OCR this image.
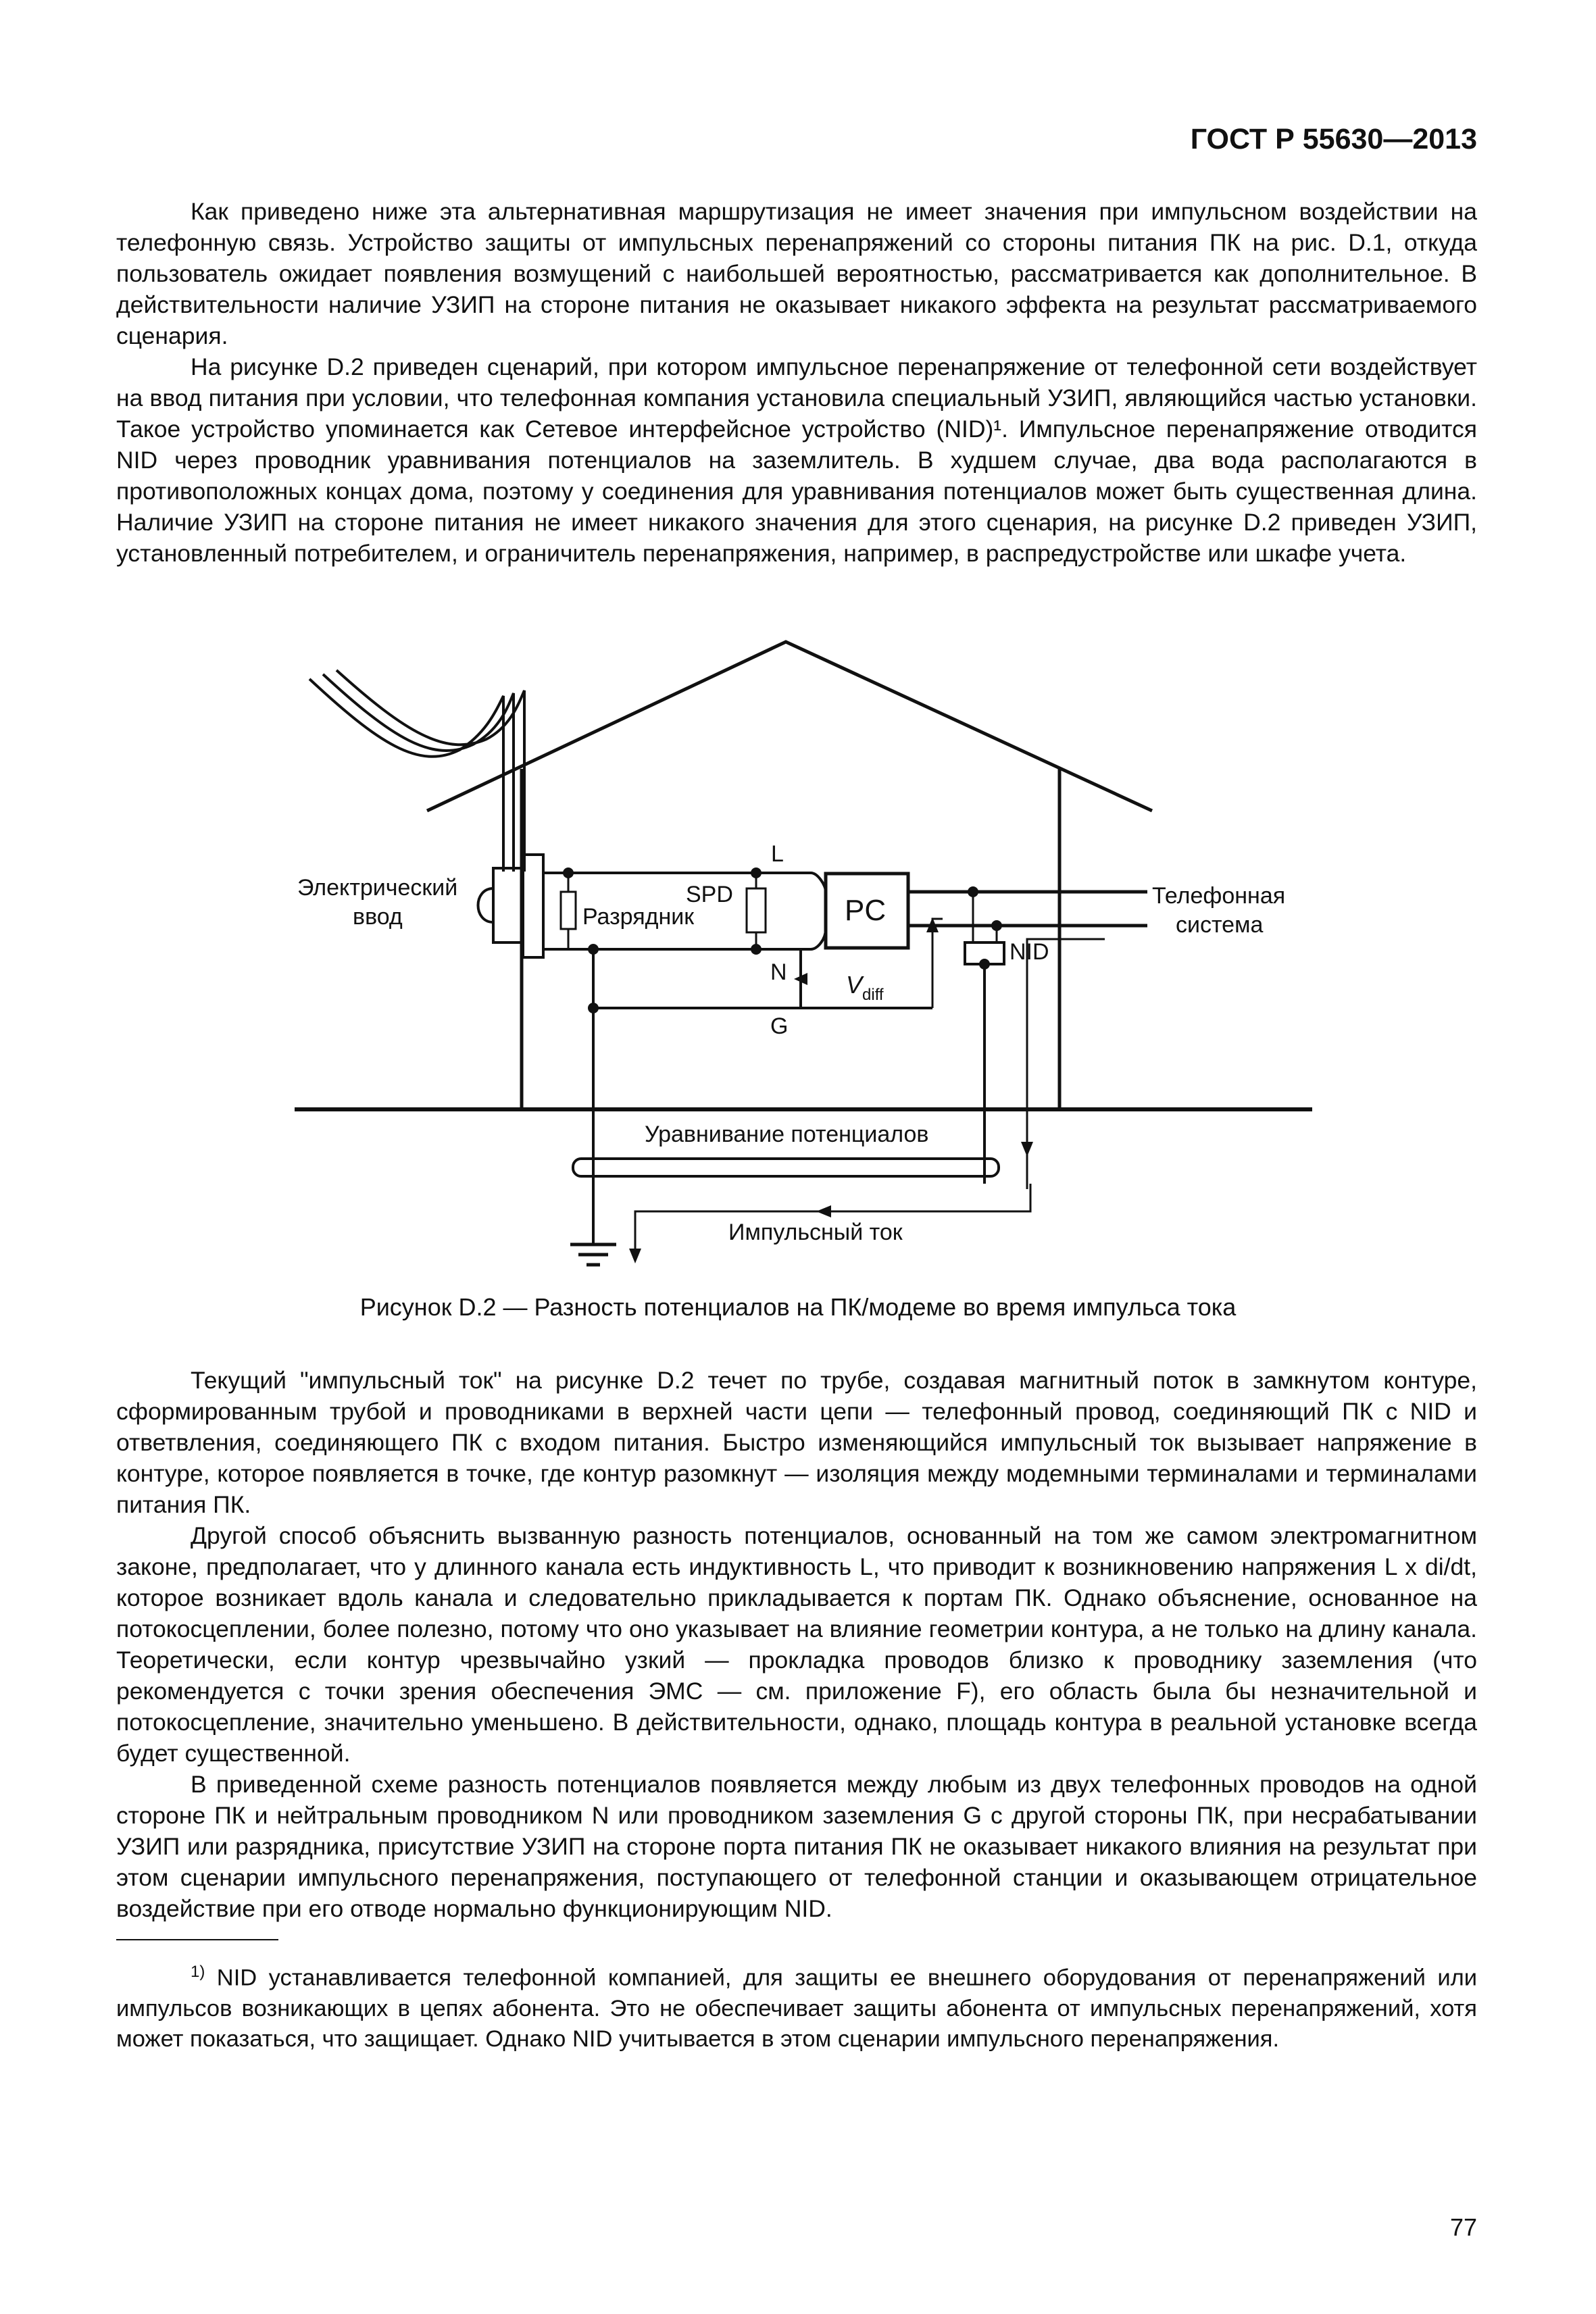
ГОСТ Р 55630—2013

Как приведено ниже эта альтернативная маршрутизация не имеет значения при импульсном воздействии на телефонную связь. Устройство защиты от импульсных перенапряжений со стороны питания ПК на рис. D.1, откуда пользователь ожидает появления возмущений с наибольшей вероятностью, рассматривается как дополнительное. В действительности наличие УЗИП на стороне питания не оказывает никакого эффекта на результат рассматриваемого сценария.

На рисунке D.2 приведен сценарий, при котором импульсное перенапряжение от телефонной сети воздействует на ввод питания при условии, что телефонная компания установила специальный УЗИП, являющийся частью установки. Такое устройство упоминается как Сетевое интерфейсное устройство (NID)¹. Импульсное перенапряжение отводится NID через проводник уравнивания потенциалов на заземлитель. В худшем случае, два вода располагаются в противоположных концах дома, поэтому у соединения для уравнивания потенциалов может быть существенная длина. Наличие УЗИП на стороне питания не имеет никакого значения для этого сценария, на рисунке D.2 приведен УЗИП, установленный потребителем, и ограничитель перенапряжения, например, в распредустройстве или шкафе учета.

Электрический
ввод
SPD
Разрядник
L
N
G
PC
$V_{diff}$
NID
Телефонная
система
Уравнивание потенциалов
Импульсный ток
Рисунок D.2 — Разность потенциалов на ПК/модеме во время импульса тока

Текущий "импульсный ток" на рисунке D.2 течет по трубе, создавая магнитный поток в замкнутом контуре, сформированным трубой и проводниками в верхней части цепи — телефонный провод, соединяющий ПК с NID и ответвления, соединяющего ПК с входом питания. Быстро изменяющийся импульсный ток вызывает напряжение в контуре, которое появляется в точке, где контур разомкнут — изоляция между модемными терминалами и терминалами питания ПК.

Другой способ объяснить вызванную разность потенциалов, основанный на том же самом электромагнитном законе, предполагает, что у длинного канала есть индуктивность L, что приводит к возникновению напряжения L x di/dt, которое возникает вдоль канала и следовательно прикладывается к портам ПК. Однако объяснение, основанное на потокосцеплении, более полезно, потому что оно указывает на влияние геометрии контура, а не только на длину канала. Теоретически, если контур чрезвычайно узкий — прокладка проводов близко к проводнику заземления (что рекомендуется с точки зрения обеспечения ЭМС — см. приложение F), его область была бы незначительной и потокосцепление, значительно уменьшено. В действительности, однако, площадь контура в реальной установке всегда будет существенной.

В приведенной схеме разность потенциалов появляется между любым из двух телефонных проводов на одной стороне ПК и нейтральным проводником N или проводником заземления G с другой стороны ПК, при несрабатывании УЗИП или разрядника, присутствие УЗИП на стороне порта питания ПК не оказывает никакого влияния на результат при этом сценарии импульсного перенапряжения, поступающего от телефонной станции и оказывающем отрицательное воздействие при его отводе нормально функционирующим NID.

$^{1)}$ NID устанавливается телефонной компанией, для защиты ее внешнего оборудования от перенапряжений или импульсов возникающих в цепях абонента. Это не обеспечивает защиты абонента от импульсных перенапряжений, хотя может показаться, что защищает. Однако NID учитывается в этом сценарии импульсного перенапряжения.

77
